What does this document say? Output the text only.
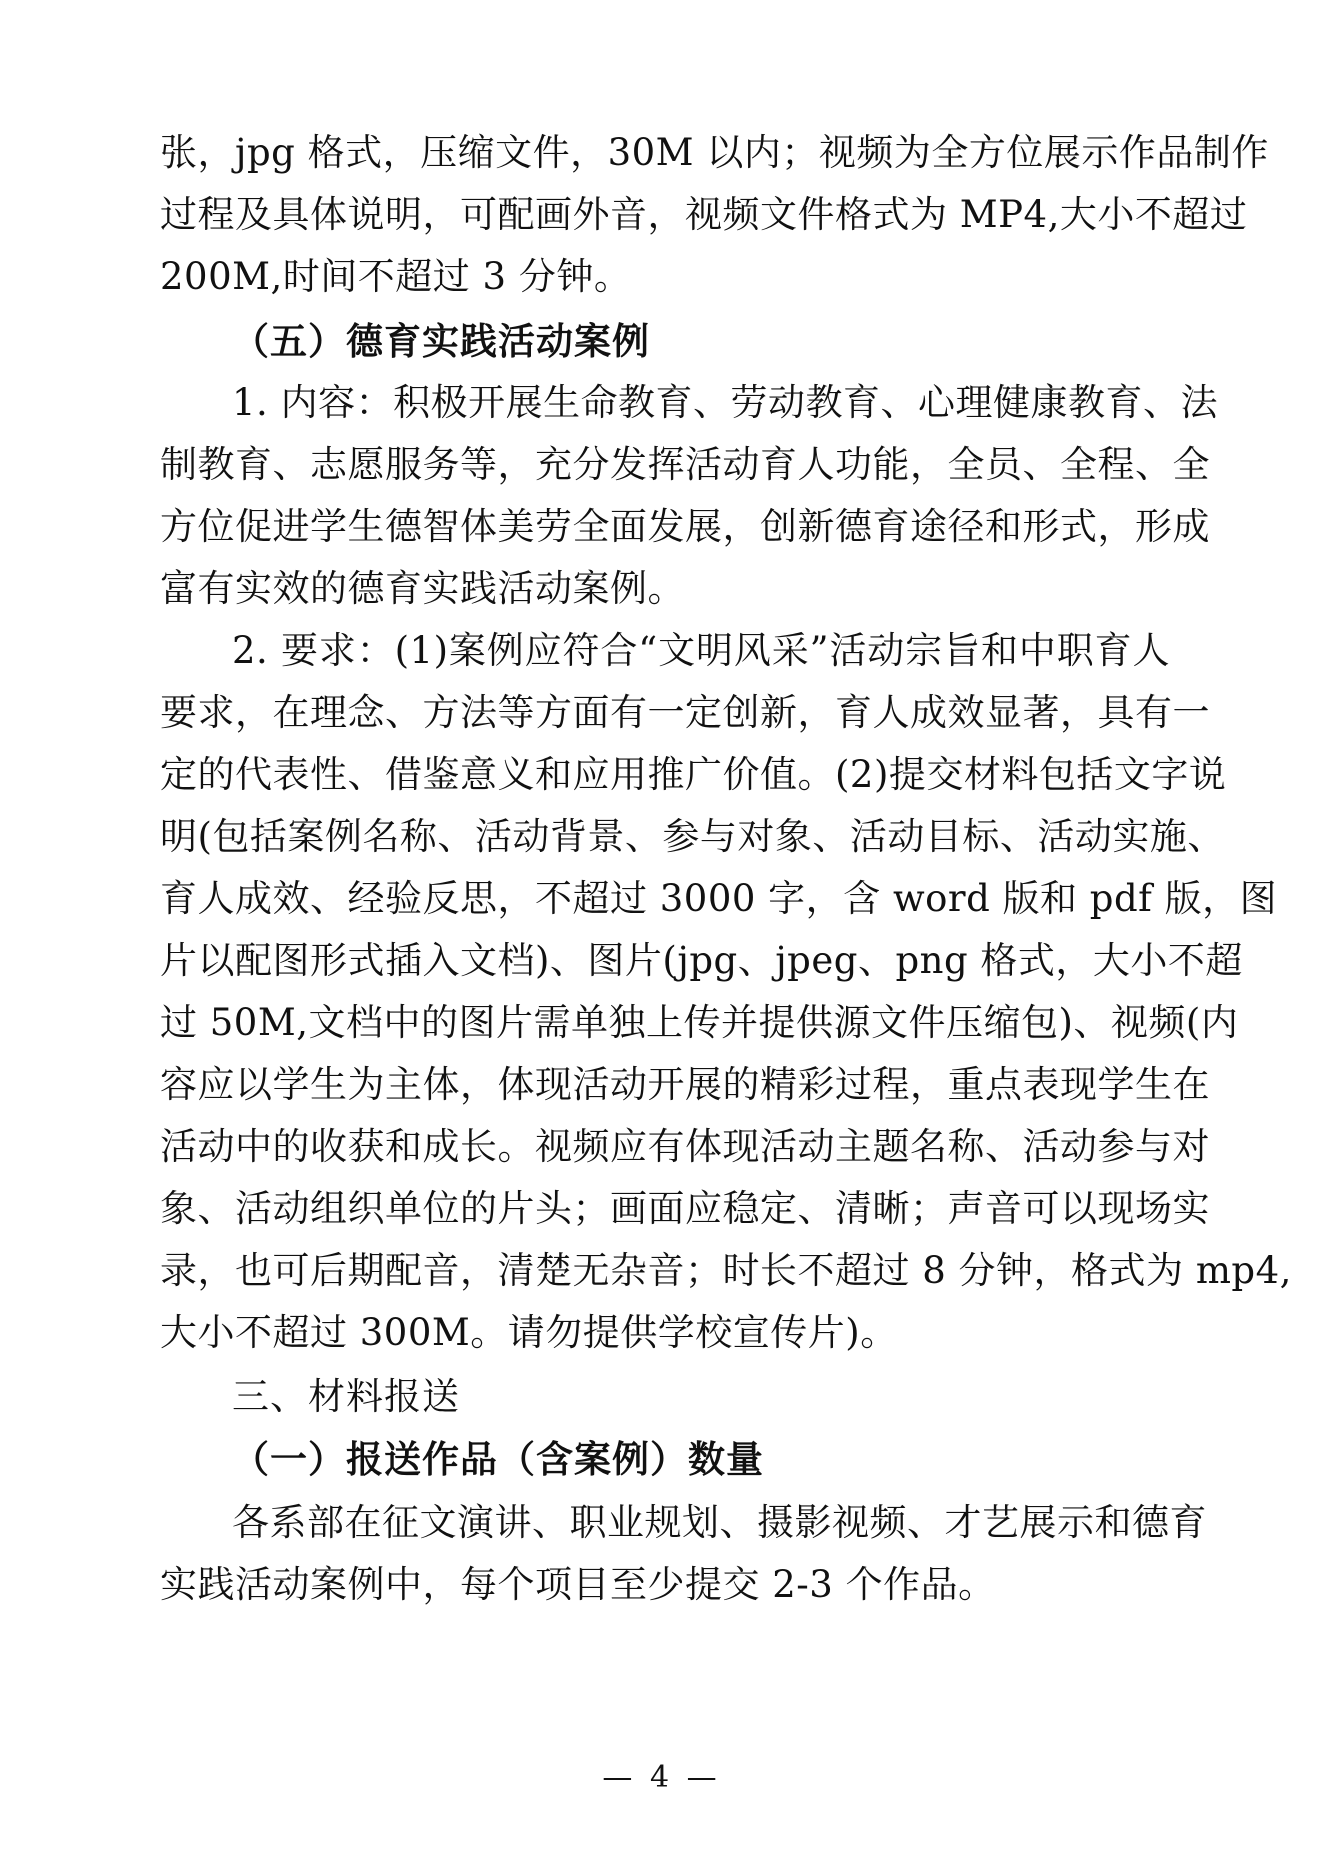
张，jpg 格式，压缩文件，30M 以内；视频为全方位展示作品制作
过程及具体说明，可配画外音，视频文件格式为 MP4,大小不超过
200M,时间不超过 3 分钟。
（五）德育实践活动案例
1. 内容：积极开展生命教育、劳动教育、心理健康教育、法
制教育、志愿服务等，充分发挥活动育人功能，全员、全程、全
方位促进学生德智体美劳全面发展，创新德育途径和形式，形成
富有实效的德育实践活动案例。
2. 要求：(1)案例应符合“文明风采”活动宗旨和中职育人
要求，在理念、方法等方面有一定创新，育人成效显著，具有一
定的代表性、借鉴意义和应用推广价值。(2)提交材料包括文字说
明(包括案例名称、活动背景、参与对象、活动目标、活动实施、
育人成效、经验反思，不超过 3000 字，含 word 版和 pdf 版，图
片以配图形式插入文档)、图片(jpg、jpeg、png 格式，大小不超
过 50M,文档中的图片需单独上传并提供源文件压缩包)、视频(内
容应以学生为主体，体现活动开展的精彩过程，重点表现学生在
活动中的收获和成长。视频应有体现活动主题名称、活动参与对
象、活动组织单位的片头；画面应稳定、清晰；声音可以现场实
录，也可后期配音，清楚无杂音；时长不超过 8 分钟，格式为 mp4,
大小不超过 300M。请勿提供学校宣传片)。
三、材料报送
（一）报送作品（含案例）数量
各系部在征文演讲、职业规划、摄影视频、才艺展示和德育
实践活动案例中，每个项目至少提交 2-3 个作品。
— 4 —
